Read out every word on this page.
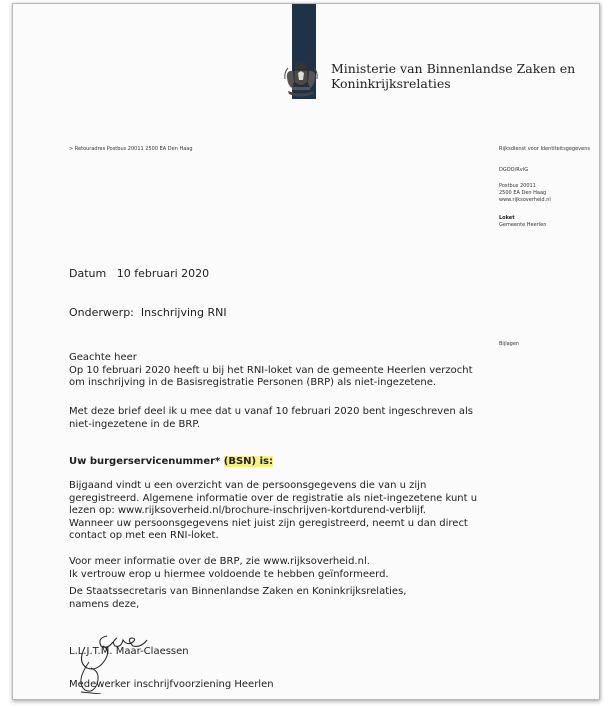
Ministerie van Binnenlandse Zaken en
Koninkrijksrelaties
> Retouradres Postbus 20011 2500 EA Den Haag	Rijksdienst voor Identiteitsgegevens
DGOO/RvIG
Postbus 20011
2500 EA Den Haag
www.rijksoverheid.nl
Loket
Gemeente Heerlen
Bijlagen
Datum 10 februari 2020
Onderwerp: Inschrijving RNI
Geachte heer
Op 10 februari 2020 heeft u bij het RNI-loket van de gemeente Heerlen verzocht
om inschrijving in de Basisregistratie Personen (BRP) als niet-ingezetene.
Met deze brief deel ik u mee dat u vanaf 10 februari 2020 bent ingeschreven als
niet-ingezetene in de BRP.
Uw burgerservicenummer* (BSN) is:
Bijgaand vindt u een overzicht van de persoonsgegevens die van u zijn
geregistreerd. Algemene informatie over de registratie als niet-ingezetene kunt u
lezen op: www.rijksoverheid.nl/brochure-inschrijven-kortdurend-verblijf.
Wanneer uw persoonsgegevens niet juist zijn geregistreerd, neemt u dan direct
contact op met een RNI-loket.
Voor meer informatie over de BRP, zie www.rijksoverheid.nl.
Ik vertrouw erop u hiermee voldoende te hebben geïnformeerd.
De Staatssecretaris van Binnenlandse Zaken en Koninkrijksrelaties,
namens deze,
L.L.J.T.M. Maar-Claessen
Medewerker inschrijfvoorziening Heerlen
